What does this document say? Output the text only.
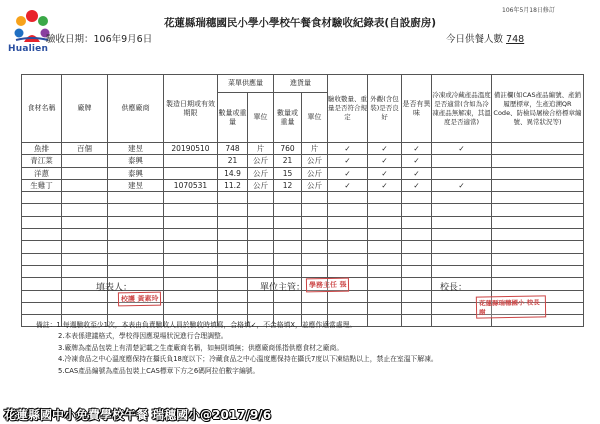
Hualien
106年5月18日修訂
花蓮縣瑞穗國民小學小學校午餐食材驗收紀錄表(自設廚房)
驗收日期：106年9月6日	今日供餐人數 748
食材名稱	廠牌	供應廠商	製造日期或有效期限	菜單供應量		進貨量		驗收數量、重量是否符合規定	外觀(含包裝)是否良好	是否有異味	冷凍或冷藏產品溫度是否適當(含如為冷凍產品無解凍，其溫度是否適當)	備註欄(如CAS產品編號、產銷履歷標章，生產追溯QR Code、防檢局屠檢合格標章編號、異常狀況等)
				數量或重量	單位	數量或重量	單位					
魚排	百個	建昱	20190510	748	片	760	片	✓	✓	✓	✓	
青江菜		泰興		21	公斤	21	公斤	✓	✓	✓		
洋蔥		泰興		14.9	公斤	15	公斤	✓	✓	✓		
生雞丁		建昱	1070531	11.2	公斤	12	公斤	✓	✓	✓	✓	

填表人：
校護 黃素玲
單位主管： 學務主任 張	校長：
花蓮縣瑞穗國小 校長 謝
備註：1.每週驗收至少1次，本表由負責驗收人員於驗收時填寫，合格填✓，不合格填X，並應作適當處理。
2.本表係建議格式，學校得因應現場狀況進行合理調整。
3.廠牌為產品包裝上有清楚記載之生產廠商名稱，如無則填無；供應廠商係指供應食材之廠商。
4.冷凍食品之中心溫度應保持在攝氏負18度以下；冷藏食品之中心溫度應保持在攝氏7度以下凍結點以上，禁止在室溫下解凍。
5.CAS產品編號為產品包裝上CAS標章下方之6碼阿拉伯數字編號。
花蓮縣國中小免費學校午餐 瑞穗國小@2017/9/6
